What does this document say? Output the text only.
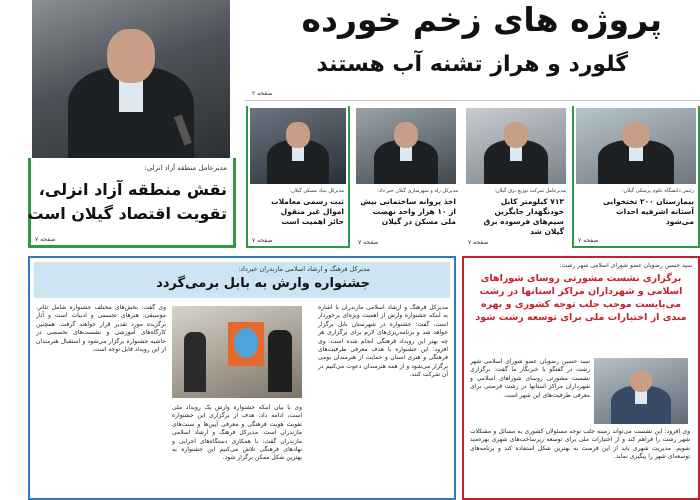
مدیرعامل منطقه آزاد انزلی:
نقش منطقه آزاد انزلی،
تقویت اقتصاد گیلان است
صفحه ۷
پروژه های زخم خورده
گلورد و هراز تشنه آب هستند
صفحه ۲
رئیس دانشگاه علوم پزشکی گیلان:
بیمارستان ۲۰۰ تختخوابی آستانه اشرفیه احداث می‌شود
صفحه ۷
مدیرعامل شرکت توزیع برق گیلان:
۷۱۳ کیلومتر کابل خودنگهدار جایگزین سیم‌های فرسوده برق گیلان شد
صفحه ۷
مدیرکل راه و شهرسازی گیلان خبر داد:
اخذ پروانه ساختمانی بیش از ۱۰ هزار واحد نهضت ملی مسکن در گیلان
صفحه ۷
مدیرکل بنیاد مسکن گیلان:
ثبت رسمی معاملات اموال غیر منقول حائز اهمیت است
صفحه ۷
مدیرکل فرهنگ و ارشاد اسلامی مازندران خبرداد:
جشنواره وارش به بابل برمی‌گردد
مدیرکل فرهنگ و ارشاد اسلامی مازندران با اشاره به اینکه جشنواره وارش از اهمیت ویژه‌ای برخوردار است، گفت: جشنواره در شهرستان بابل برگزار خواهد شد و برنامه‌ریزی‌های لازم برای برگزاری هر چه بهتر این رویداد فرهنگی انجام شده است. وی افزود: این جشنواره با هدف معرفی ظرفیت‌های فرهنگی و هنری استان و حمایت از هنرمندان بومی برگزار می‌شود و از همه هنرمندان دعوت می‌کنیم در آن شرکت کنند.
وی با بیان اینکه جشنواره وارش یک رویداد ملی است، ادامه داد: هدف از برگزاری این جشنواره تقویت هویت فرهنگی و معرفی آیین‌ها و سنت‌های مازندران است. مدیرکل فرهنگ و ارشاد اسلامی مازندران گفت: با همکاری دستگاه‌های اجرایی و نهادهای فرهنگی تلاش می‌کنیم این جشنواره به بهترین شکل ممکن برگزار شود.
وی گفت: بخش‌های مختلف جشنواره شامل تئاتر، موسیقی، هنرهای تجسمی و ادبیات است و آثار برگزیده مورد تقدیر قرار خواهند گرفت. همچنین کارگاه‌های آموزشی و نشست‌های تخصصی در حاشیه جشنواره برگزار می‌شود و استقبال هنرمندان از این رویداد قابل توجه است.
سید حسین رضویان عضو شورای اسلامی شهر رشت:
برگزاری نشست مشورتی روسای شوراهای اسلامی و شهرداران مراکز استانها در رشت می‌بایست موجب جلب توجه کشوری و بهره مندی از اختیارات ملی برای توسعه رشت شود
سید حسین رضویان عضو شورای اسلامی شهر رشت در گفتگو با خبرنگار ما گفت: برگزاری نشست مشورتی روسای شوراهای اسلامی و شهرداران مراکز استانها در رشت فرصتی برای معرفی ظرفیت‌های این شهر است.
وی افزود: این نشست می‌تواند زمینه جلب توجه مسئولان کشوری به مسائل و مشکلات شهر رشت را فراهم کند و از اختیارات ملی برای توسعه زیرساخت‌های شهری بهره‌مند شویم. مدیریت شهری باید از این فرصت به بهترین شکل استفاده کند و برنامه‌های توسعه‌ای شهر را پیگیری نماید.
